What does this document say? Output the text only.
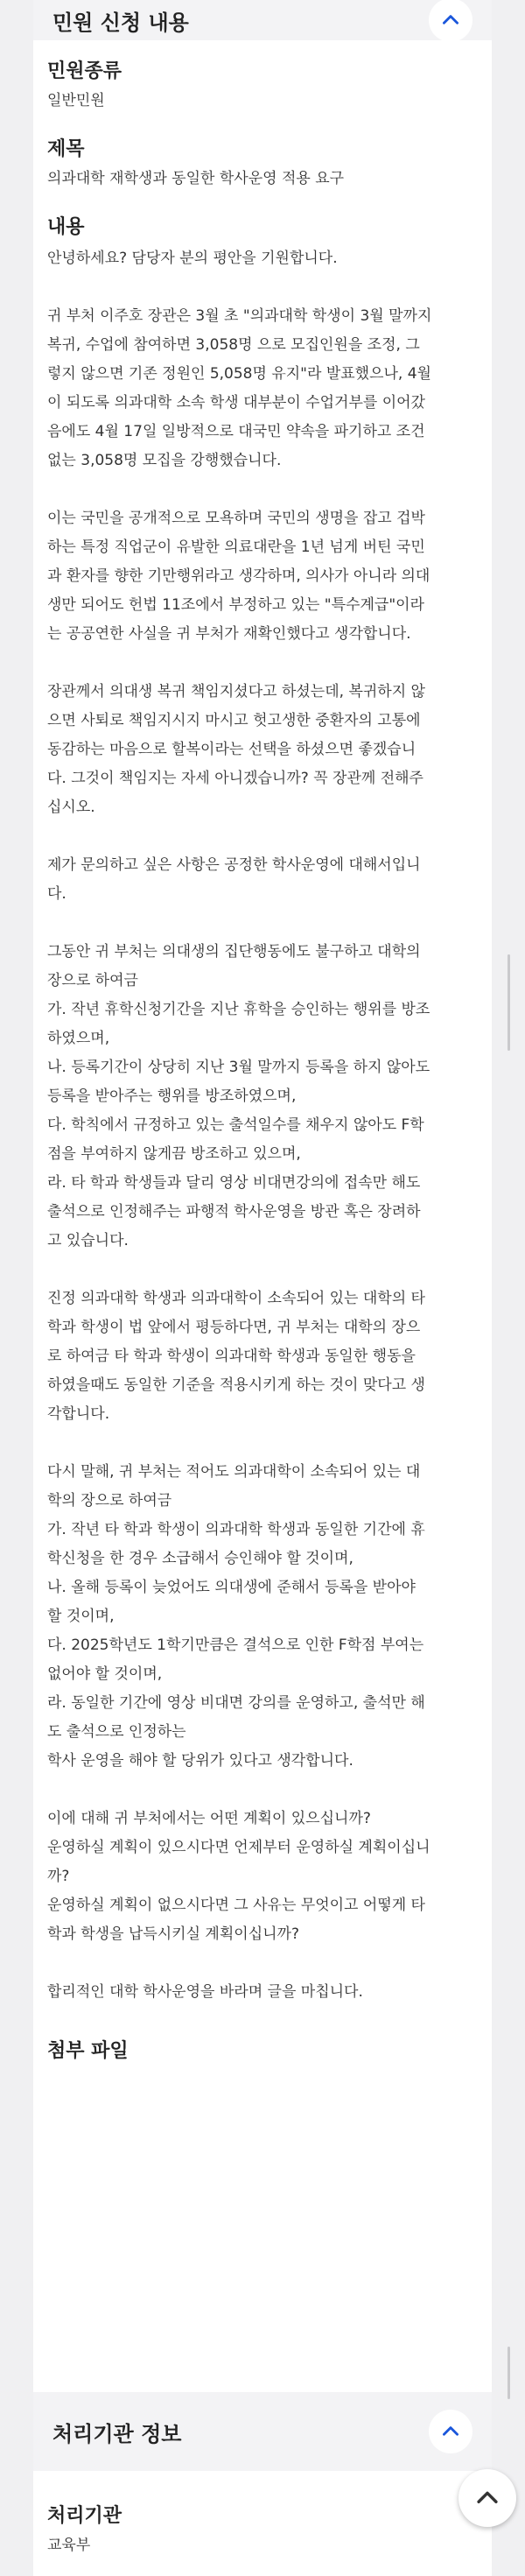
민원 신청 내용
민원종류
일반민원
제목
의과대학 재학생과 동일한 학사운영 적용 요구
내용
안녕하세요? 담당자 분의 평안을 기원합니다.
귀 부처 이주호 장관은 3월 초 "의과대학 학생이 3월 말까지
복귀, 수업에 참여하면 3,058명 으로 모집인원을 조정, 그
렇지 않으면 기존 정원인 5,058명 유지"라 발표했으나, 4월
이 되도록 의과대학 소속 학생 대부분이 수업거부를 이어갔
음에도 4월 17일 일방적으로 대국민 약속을 파기하고 조건
없는 3,058명 모집을 강행했습니다.
이는 국민을 공개적으로 모욕하며 국민의 생명을 잡고 겁박
하는 특정 직업군이 유발한 의료대란을 1년 넘게 버틴 국민
과 환자를 향한 기만행위라고 생각하며, 의사가 아니라 의대
생만 되어도 헌법 11조에서 부정하고 있는 "특수계급"이라
는 공공연한 사실을 귀 부처가 재확인했다고 생각합니다.
장관께서 의대생 복귀 책임지셨다고 하셨는데, 복귀하지 않
으면 사퇴로 책임지시지 마시고 헛고생한 중환자의 고통에
동감하는 마음으로 할복이라는 선택을 하셨으면 좋겠습니
다. 그것이 책임지는 자세 아니겠습니까? 꼭 장관께 전해주
십시오.
제가 문의하고 싶은 사항은 공정한 학사운영에 대해서입니
다.
그동안 귀 부처는 의대생의 집단행동에도 불구하고 대학의
장으로 하여금
가. 작년 휴학신청기간을 지난 휴학을 승인하는 행위를 방조
하였으며,
나. 등록기간이 상당히 지난 3월 말까지 등록을 하지 않아도
등록을 받아주는 행위를 방조하였으며,
다. 학칙에서 규정하고 있는 출석일수를 채우지 않아도 F학
점을 부여하지 않게끔 방조하고 있으며,
라. 타 학과 학생들과 달리 영상 비대면강의에 접속만 해도
출석으로 인정해주는 파행적 학사운영을 방관 혹은 장려하
고 있습니다.
진정 의과대학 학생과 의과대학이 소속되어 있는 대학의 타
학과 학생이 법 앞에서 평등하다면, 귀 부처는 대학의 장으
로 하여금 타 학과 학생이 의과대학 학생과 동일한 행동을
하였을때도 동일한 기준을 적용시키게 하는 것이 맞다고 생
각합니다.
다시 말해, 귀 부처는 적어도 의과대학이 소속되어 있는 대
학의 장으로 하여금
가. 작년 타 학과 학생이 의과대학 학생과 동일한 기간에 휴
학신청을 한 경우 소급해서 승인해야 할 것이며,
나. 올해 등록이 늦었어도 의대생에 준해서 등록을 받아야
할 것이며,
다. 2025학년도 1학기만큼은 결석으로 인한 F학점 부여는
없어야 할 것이며,
라. 동일한 기간에 영상 비대면 강의를 운영하고, 출석만 해
도 출석으로 인정하는
학사 운영을 해야 할 당위가 있다고 생각합니다.
이에 대해 귀 부처에서는 어떤 계획이 있으십니까?
운영하실 계획이 있으시다면 언제부터 운영하실 계획이십니
까?
운영하실 계획이 없으시다면 그 사유는 무엇이고 어떻게 타
학과 학생을 납득시키실 계획이십니까?
합리적인 대학 학사운영을 바라며 글을 마칩니다.
첨부 파일
처리기관 정보
처리기관
교육부
